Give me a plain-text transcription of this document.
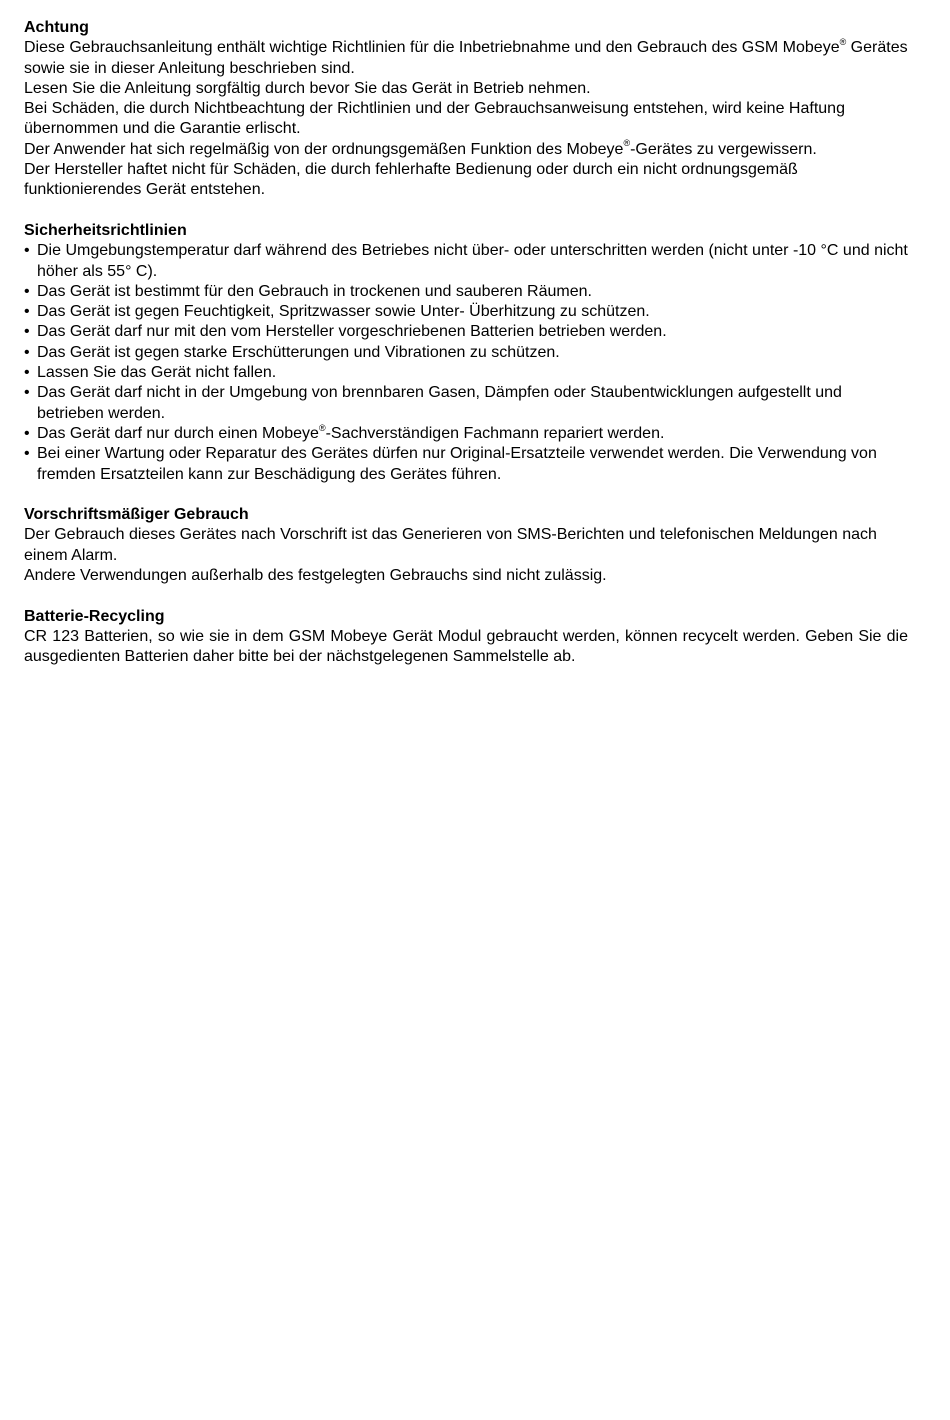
Achtung

Diese Gebrauchsanleitung enthält wichtige Richtlinien für die Inbetriebnahme und den Gebrauch des GSM Mobeye® Gerätes sowie sie in dieser Anleitung beschrieben sind.

Lesen Sie die Anleitung sorgfältig durch bevor Sie das Gerät in Betrieb nehmen.

Bei Schäden, die durch Nichtbeachtung der Richtlinien und der Gebrauchsanweisung entstehen, wird keine Haftung übernommen und die Garantie erlischt.

Der Anwender hat sich regelmäßig von der ordnungsgemäßen Funktion des Mobeye®-Gerätes zu vergewissern.

Der Hersteller haftet nicht für Schäden, die durch fehlerhafte Bedienung oder durch ein nicht ordnungsgemäß funktionierendes Gerät entstehen.

Sicherheitsrichtlinien

• Die Umgebungstemperatur darf während des Betriebes nicht über- oder unterschritten werden (nicht unter -10 °C und nicht höher als 55° C).
• Das Gerät ist bestimmt für den Gebrauch in trockenen und sauberen Räumen.
• Das Gerät ist gegen Feuchtigkeit, Spritzwasser sowie Unter- Überhitzung zu schützen.
• Das Gerät darf nur mit den vom Hersteller vorgeschriebenen Batterien betrieben werden.
• Das Gerät ist gegen starke Erschütterungen und Vibrationen zu schützen.
• Lassen Sie das Gerät nicht fallen.
• Das Gerät darf nicht in der Umgebung von brennbaren Gasen, Dämpfen oder Staubentwicklungen aufgestellt und betrieben werden.
• Das Gerät darf nur durch einen Mobeye®-Sachverständigen Fachmann repariert werden.
• Bei einer Wartung oder Reparatur des Gerätes dürfen nur Original-Ersatzteile verwendet werden. Die Verwendung von fremden Ersatzteilen kann zur Beschädigung des Gerätes führen.

Vorschriftsmäßiger Gebrauch

Der Gebrauch dieses Gerätes nach Vorschrift ist das Generieren von SMS-Berichten und telefonischen Meldungen nach einem Alarm.

Andere Verwendungen außerhalb des festgelegten Gebrauchs sind nicht zulässig.

Batterie-Recycling

CR 123 Batterien, so wie sie in dem GSM Mobeye Gerät Modul gebraucht werden, können recycelt werden. Geben Sie die ausgedienten Batterien daher bitte bei der nächstgelegenen Sammelstelle ab.
